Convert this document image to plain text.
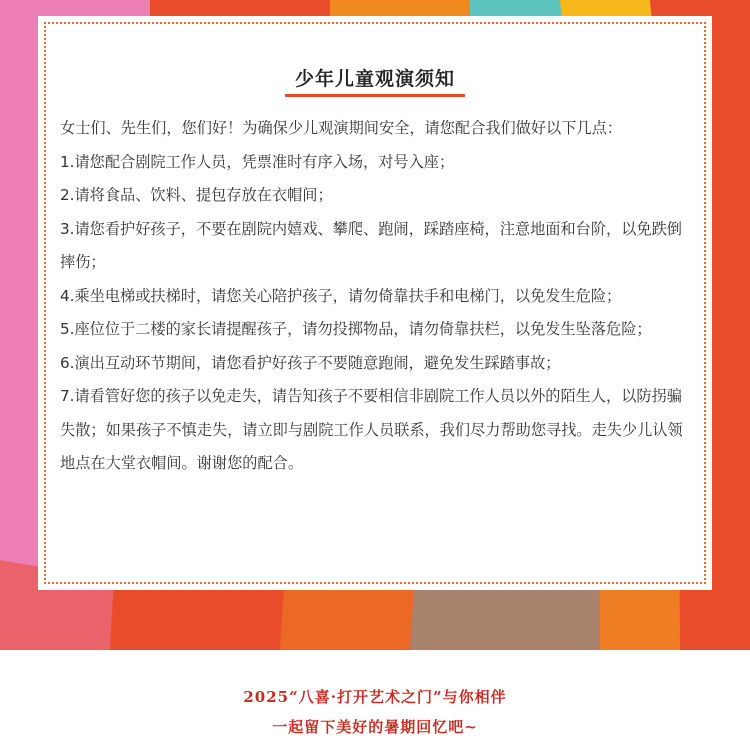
少年儿童观演须知

女士们、先生们，您们好！为确保少儿观演期间安全，请您配合我们做好以下几点：

1.请您配合剧院工作人员，凭票准时有序入场，对号入座；

2.请将食品、饮料、提包存放在衣帽间；

3.请您看护好孩子，不要在剧院内嬉戏、攀爬、跑闹，踩踏座椅，注意地面和台阶，以免跌倒摔伤；

4.乘坐电梯或扶梯时，请您关心陪护孩子，请勿倚靠扶手和电梯门，以免发生危险；

5.座位位于二楼的家长请提醒孩子，请勿投掷物品，请勿倚靠扶栏，以免发生坠落危险；

6.演出互动环节期间，请您看护好孩子不要随意跑闹，避免发生踩踏事故；

7.请看管好您的孩子以免走失，请告知孩子不要相信非剧院工作人员以外的陌生人，以防拐骗失散；如果孩子不慎走失，请立即与剧院工作人员联系，我们尽力帮助您寻找。走失少儿认领地点在大堂衣帽间。谢谢您的配合。

2025“八喜·打开艺术之门”与你相伴
一起留下美好的暑期回忆吧~
